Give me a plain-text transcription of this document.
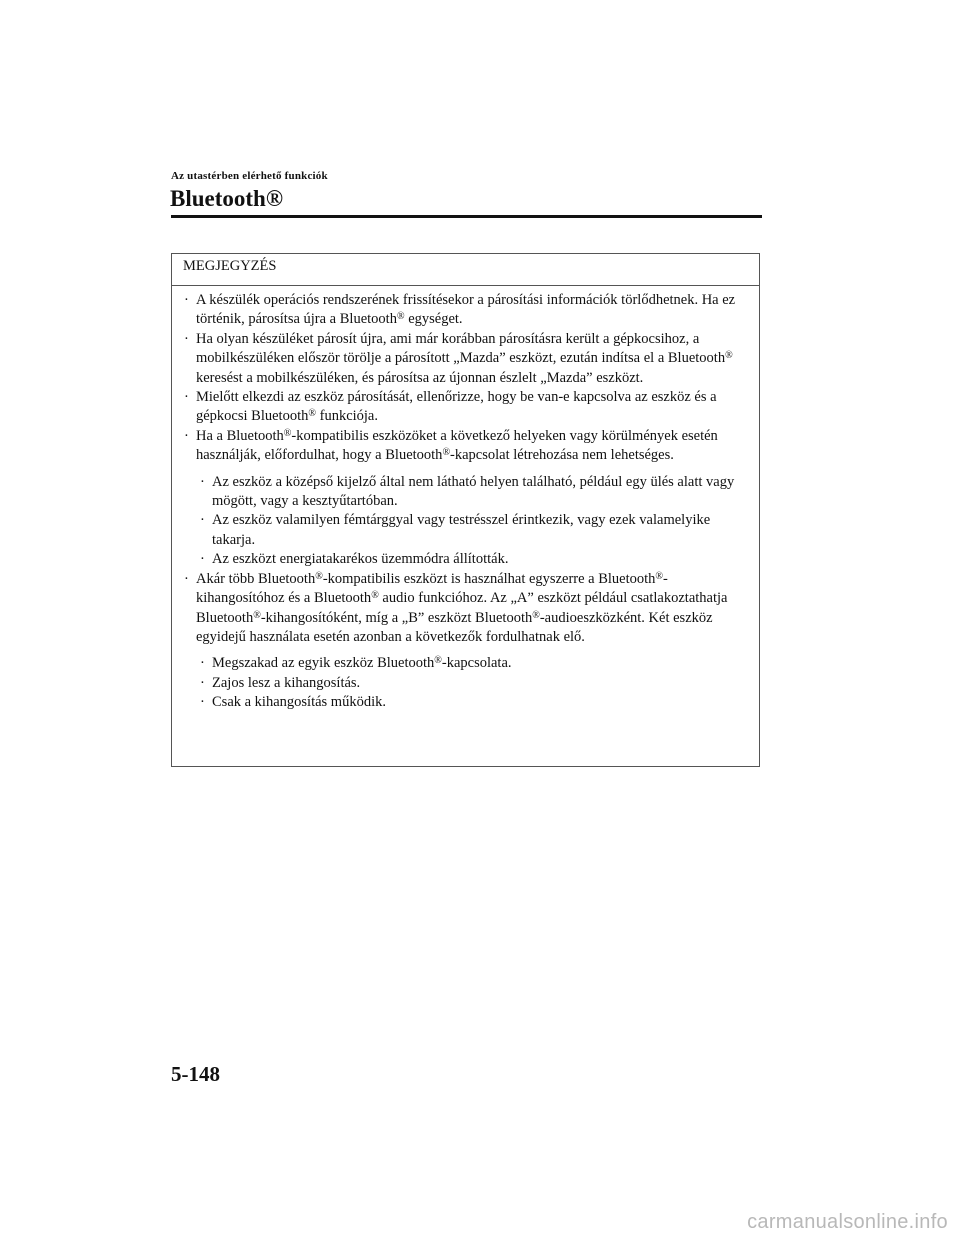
Az utastérben elérhető funkciók
Bluetooth®
MEGJEGYZÉS
· A készülék operációs rendszerének frissítésekor a párosítási információk törlődhetnek. Ha ez történik, párosítsa újra a Bluetooth® egységet.
· Ha olyan készüléket párosít újra, ami már korábban párosításra került a gépkocsihoz, a mobilkészüléken először törölje a párosított „Mazda” eszközt, ezután indítsa el a Bluetooth® keresést a mobilkészüléken, és párosítsa az újonnan észlelt „Mazda” eszközt.
· Mielőtt elkezdi az eszköz párosítását, ellenőrizze, hogy be van-e kapcsolva az eszköz és a gépkocsi Bluetooth® funkciója.
· Ha a Bluetooth®-kompatibilis eszközöket a következő helyeken vagy körülmények esetén használják, előfordulhat, hogy a Bluetooth®-kapcsolat létrehozása nem lehetséges.
· Az eszköz a középső kijelző által nem látható helyen található, például egy ülés alatt vagy mögött, vagy a kesztyűtartóban.
· Az eszköz valamilyen fémtárggyal vagy testrésszel érintkezik, vagy ezek valamelyike takarja.
· Az eszközt energiatakarékos üzemmódra állították.
· Akár több Bluetooth®-kompatibilis eszközt is használhat egyszerre a Bluetooth®-kihangosítóhoz és a Bluetooth® audio funkcióhoz. Az „A” eszközt például csatlakoztathatja Bluetooth®-kihangosítóként, míg a „B” eszközt Bluetooth®-audioeszközként. Két eszköz egyidejű használata esetén azonban a következők fordulhatnak elő.
· Megszakad az egyik eszköz Bluetooth®-kapcsolata.
· Zajos lesz a kihangosítás.
· Csak a kihangosítás működik.
5-148
carmanualsonline.info
